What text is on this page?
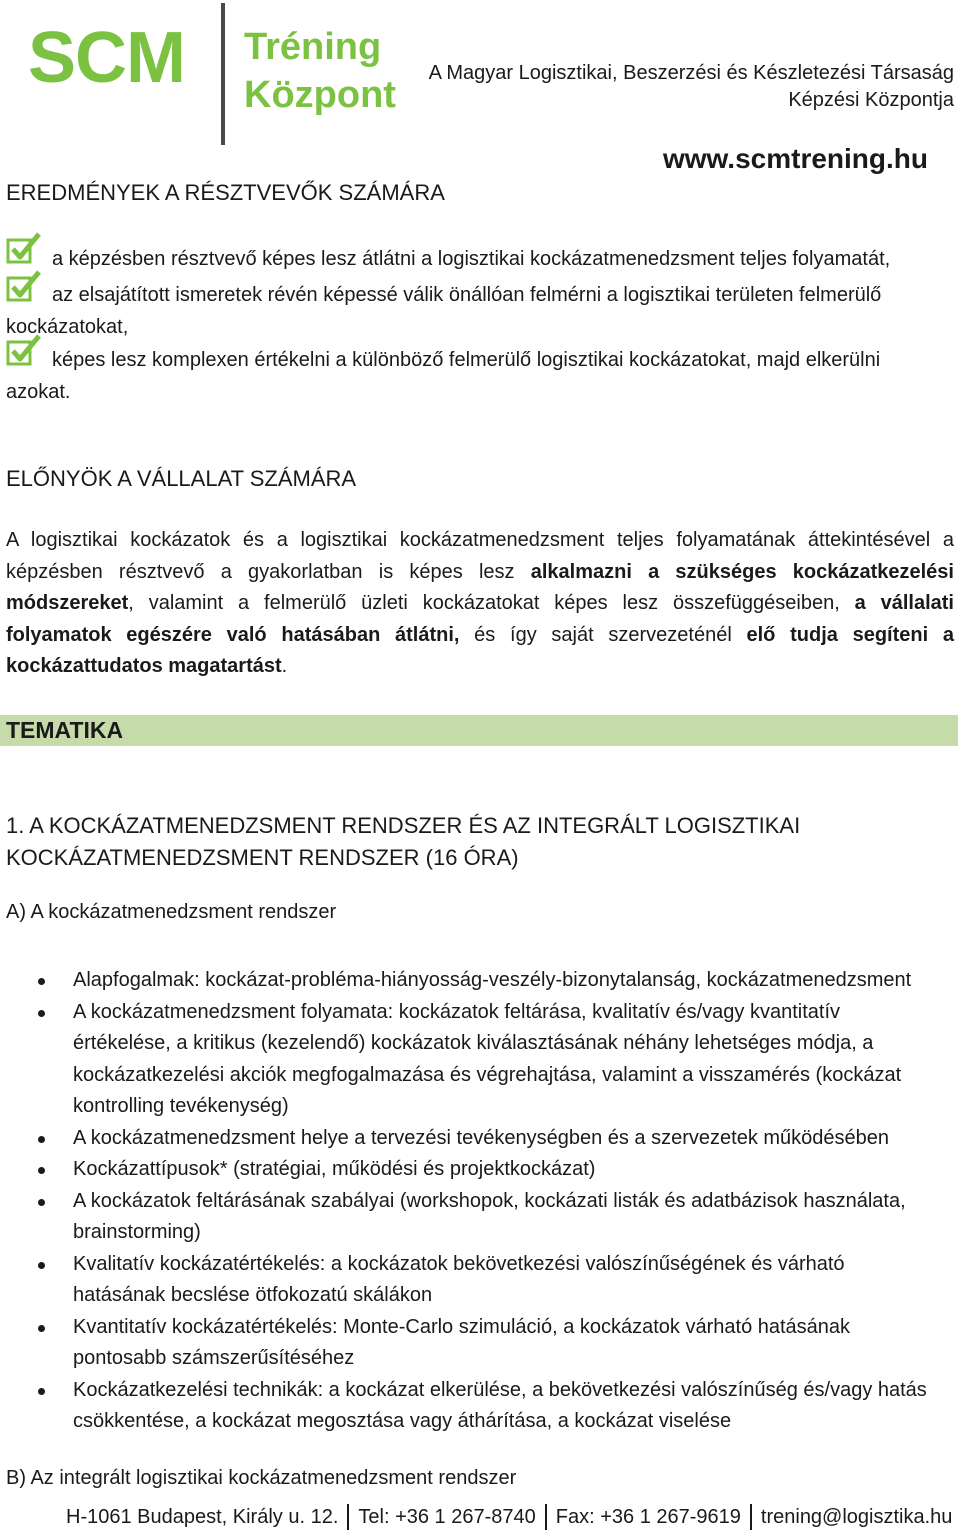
SCM Tréning
Központ
A Magyar Logisztikai, Beszerzési és Készletezési Társaság
Képzési Központja
www.scmtrening.hu
EREDMÉNYEK A RÉSZTVEVŐK SZÁMÁRA
a képzésben résztvevő képes lesz átlátni a logisztikai kockázatmenedzsment teljes folyamatát,
az elsajátított ismeretek révén képessé válik önállóan felmérni a logisztikai területen felmerülő
kockázatokat,
képes lesz komplexen értékelni a különböző felmerülő logisztikai kockázatokat, majd elkerülni
azokat.
ELŐNYÖK A VÁLLALAT SZÁMÁRA
A logisztikai kockázatok és a logisztikai kockázatmenedzsment teljes folyamatának áttekintésével a képzésben résztvevő a gyakorlatban is képes lesz alkalmazni a szükséges kockázatkezelési módszereket, valamint a felmerülő üzleti kockázatokat képes lesz összefüggéseiben, a vállalati folyamatok egészére való hatásában átlátni, és így saját szervezeténél elő tudja segíteni a kockázattudatos magatartást.
TEMATIKA
1. A KOCKÁZATMENEDZSMENT RENDSZER ÉS AZ INTEGRÁLT LOGISZTIKAI
KOCKÁZATMENEDZSMENT RENDSZER (16 ÓRA)
A) A kockázatmenedzsment rendszer
Alapfogalmak: kockázat-probléma-hiányosság-veszély-bizonytalanság, kockázatmenedzsment
A kockázatmenedzsment folyamata: kockázatok feltárása, kvalitatív és/vagy kvantitatív értékelése, a kritikus (kezelendő) kockázatok kiválasztásának néhány lehetséges módja, a kockázatkezelési akciók megfogalmazása és végrehajtása, valamint a visszamérés (kockázat kontrolling tevékenység)
A kockázatmenedzsment helye a tervezési tevékenységben és a szervezetek működésében
Kockázattípusok* (stratégiai, működési és projektkockázat)
A kockázatok feltárásának szabályai (workshopok, kockázati listák és adatbázisok használata, brainstorming)
Kvalitatív kockázatértékelés: a kockázatok bekövetkezési valószínűségének és várható hatásának becslése ötfokozatú skálákon
Kvantitatív kockázatértékelés: Monte-Carlo szimuláció, a kockázatok várható hatásának pontosabb számszerűsítéséhez
Kockázatkezelési technikák: a kockázat elkerülése, a bekövetkezési valószínűség és/vagy hatás csökkentése, a kockázat megosztása vagy áthárítása, a kockázat viselése
B) Az integrált logisztikai kockázatmenedzsment rendszer
H-1061 Budapest, Király u. 12. Tel: +36 1 267-8740 Fax: +36 1 267-9619 trening@logisztika.hu
